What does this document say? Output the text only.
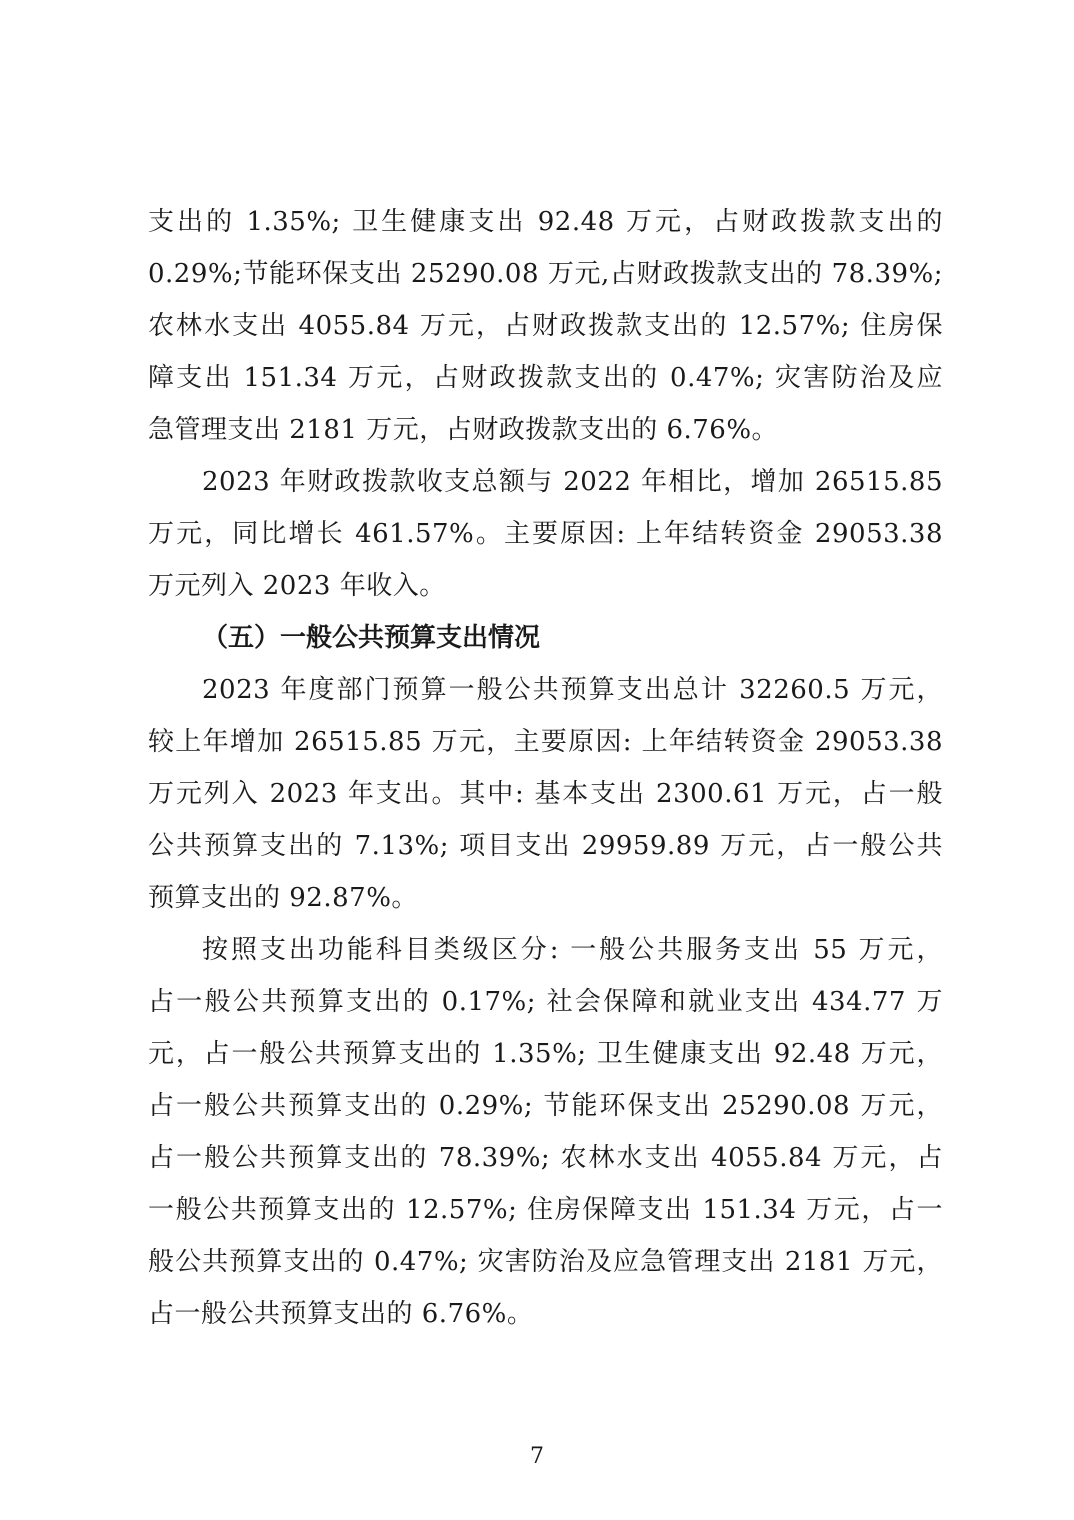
支出的 1.35%; 卫生健康支出 92.48 万元，占财政拨款支出的
0.29%;节能环保支出 25290.08 万元,占财政拨款支出的 78.39%;
农林水支出 4055.84 万元，占财政拨款支出的 12.57%; 住房保
障支出 151.34 万元，占财政拨款支出的 0.47%; 灾害防治及应
急管理支出 2181 万元，占财政拨款支出的 6.76%。
2023 年财政拨款收支总额与 2022 年相比，增加 26515.85
万元，同比增长 461.57%。主要原因: 上年结转资金 29053.38
万元列入 2023 年收入。
（五）一般公共预算支出情况
2023 年度部门预算一般公共预算支出总计 32260.5 万元，
较上年增加 26515.85 万元，主要原因: 上年结转资金 29053.38
万元列入 2023 年支出。其中: 基本支出 2300.61 万元，占一般
公共预算支出的 7.13%; 项目支出 29959.89 万元，占一般公共
预算支出的 92.87%。
按照支出功能科目类级区分: 一般公共服务支出 55 万元，
占一般公共预算支出的 0.17%; 社会保障和就业支出 434.77 万
元，占一般公共预算支出的 1.35%; 卫生健康支出 92.48 万元，
占一般公共预算支出的 0.29%; 节能环保支出 25290.08 万元，
占一般公共预算支出的 78.39%; 农林水支出 4055.84 万元，占
一般公共预算支出的 12.57%; 住房保障支出 151.34 万元，占一
般公共预算支出的 0.47%; 灾害防治及应急管理支出 2181 万元，
占一般公共预算支出的 6.76%。
7
